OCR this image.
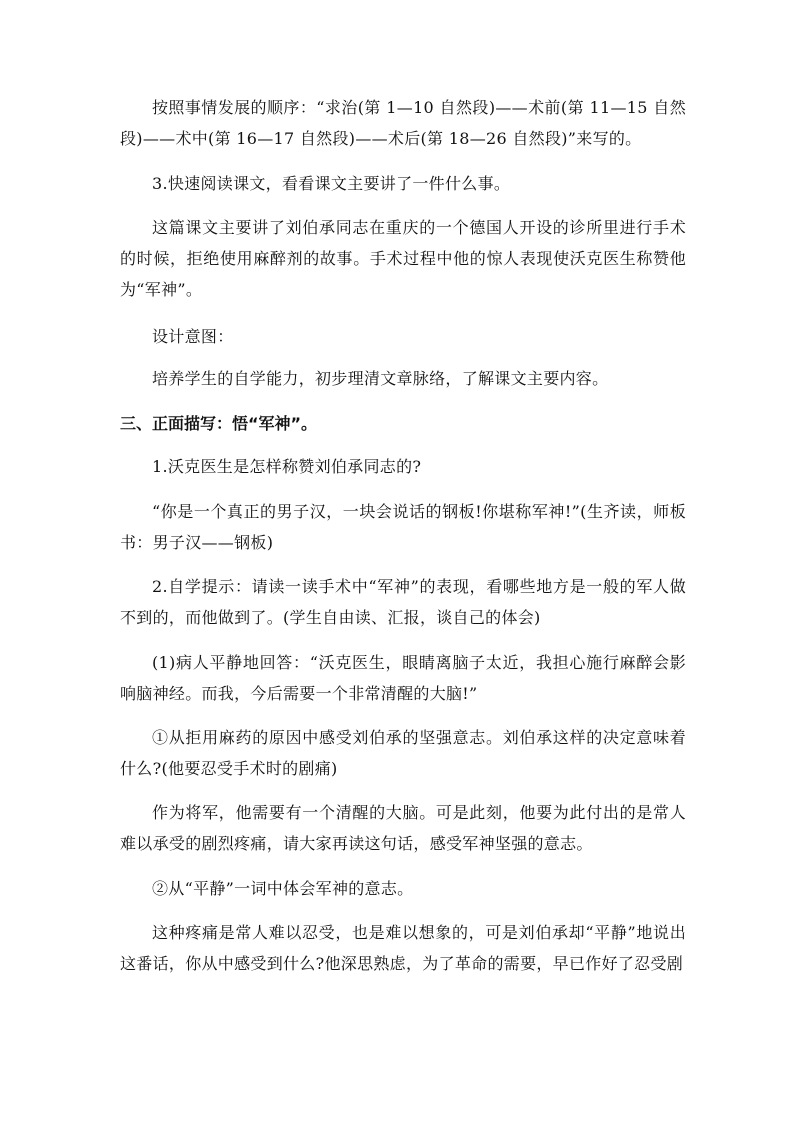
按照事情发展的顺序：“求治(第 1—10 自然段)——术前(第 11—15 自然段)——术中(第 16—17 自然段)——术后(第 18—26 自然段)”来写的。

3.快速阅读课文，看看课文主要讲了一件什么事。

这篇课文主要讲了刘伯承同志在重庆的一个德国人开设的诊所里进行手术的时候，拒绝使用麻醉剂的故事。手术过程中他的惊人表现使沃克医生称赞他为“军神”。

设计意图：

培养学生的自学能力，初步理清文章脉络，了解课文主要内容。

三、正面描写：悟“军神”。

1.沃克医生是怎样称赞刘伯承同志的?

“你是一个真正的男子汉，一块会说话的钢板!你堪称军神!”(生齐读，师板书：男子汉——钢板)

2.自学提示：请读一读手术中“军神”的表现，看哪些地方是一般的军人做不到的，而他做到了。(学生自由读、汇报，谈自己的体会)

(1)病人平静地回答：“沃克医生，眼睛离脑子太近，我担心施行麻醉会影响脑神经。而我，今后需要一个非常清醒的大脑!”

①从拒用麻药的原因中感受刘伯承的坚强意志。刘伯承这样的决定意味着什么?(他要忍受手术时的剧痛)

作为将军，他需要有一个清醒的大脑。可是此刻，他要为此付出的是常人难以承受的剧烈疼痛，请大家再读这句话，感受军神坚强的意志。

②从“平静”一词中体会军神的意志。

这种疼痛是常人难以忍受，也是难以想象的，可是刘伯承却“平静”地说出这番话，你从中感受到什么?他深思熟虑，为了革命的需要，早已作好了忍受剧
